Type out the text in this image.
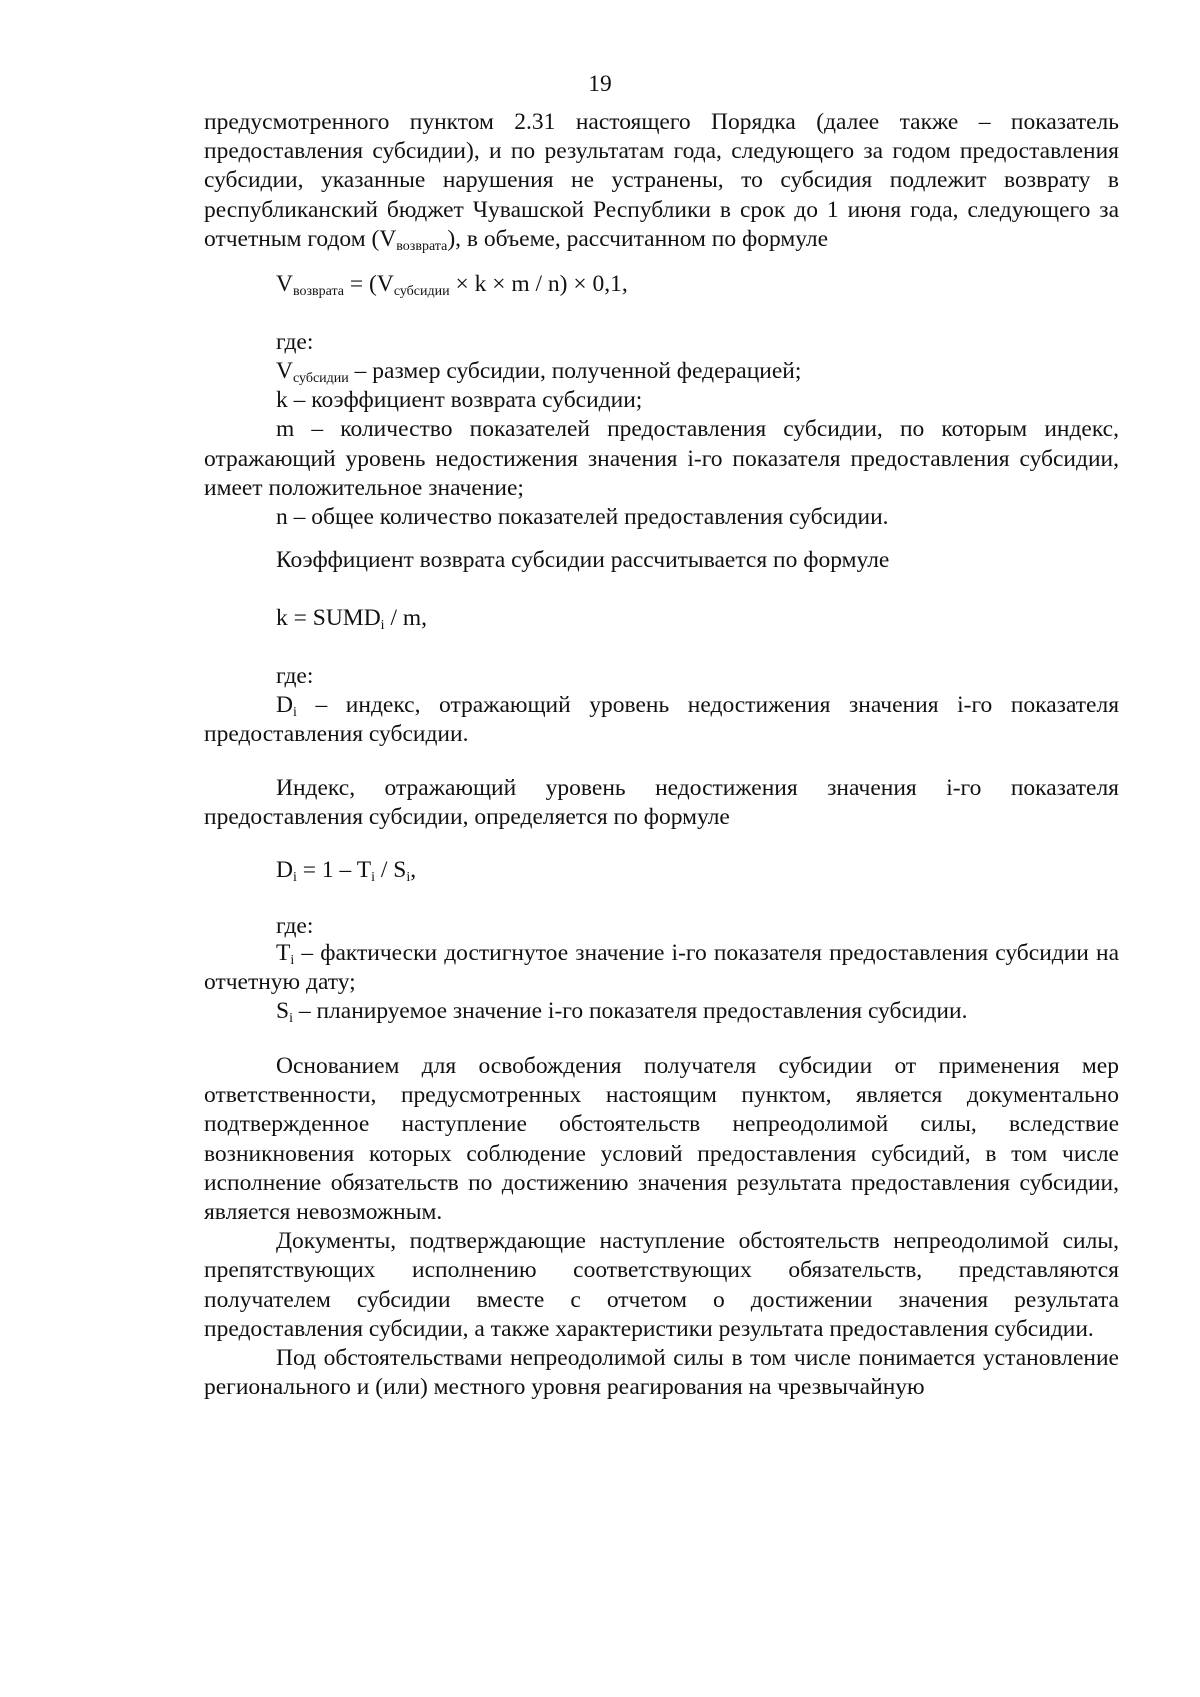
19

предусмотренного пунктом 2.31 настоящего Порядка (далее также – показатель предоставления субсидии), и по результатам года, следующего за годом предоставления субсидии, указанные нарушения не устранены, то субсидия подлежит возврату в республиканский бюджет Чувашской Республики в срок до 1 июня года, следующего за отчетным годом $(V_{возврата})$, в объеме, рассчитанном по формуле

$V_{возврата} = (V_{субсидии} \times k \times m / n) \times 0,1$,
где:

$V_{субсидии}$ – размер субсидии, полученной федерацией;

k – коэффициент возврата субсидии;

m – количество показателей предоставления субсидии, по которым индекс, отражающий уровень недостижения значения i-го показателя предоставления субсидии, имеет положительное значение;

n – общее количество показателей предоставления субсидии.

Коэффициент возврата субсидии рассчитывается по формуле
$k = SUMD_i / m$,
где:

$D_i$ – индекс, отражающий уровень недостижения значения i-го показателя предоставления субсидии.

Индекс, отражающий уровень недостижения значения i-го показателя предоставления субсидии, определяется по формуле

$D_i = 1 - T_i / S_i$,
где:

$T_i$ – фактически достигнутое значение i-го показателя предоставления субсидии на отчетную дату;

$S_i$ – планируемое значение i-го показателя предоставления субсидии.

Основанием для освобождения получателя субсидии от применения мер ответственности, предусмотренных настоящим пунктом, является документально подтвержденное наступление обстоятельств непреодолимой силы, вследствие возникновения которых соблюдение условий предоставления субсидий, в том числе исполнение обязательств по достижению значения результата предоставления субсидии, является невозможным.

Документы, подтверждающие наступление обстоятельств непреодолимой силы, препятствующих исполнению соответствующих обязательств, представляются получателем субсидии вместе с отчетом о достижении значения результата предоставления субсидии, а также характеристики результата предоставления субсидии.

Под обстоятельствами непреодолимой силы в том числе понимается установление регионального и (или) местного уровня реагирования на чрезвычайную
